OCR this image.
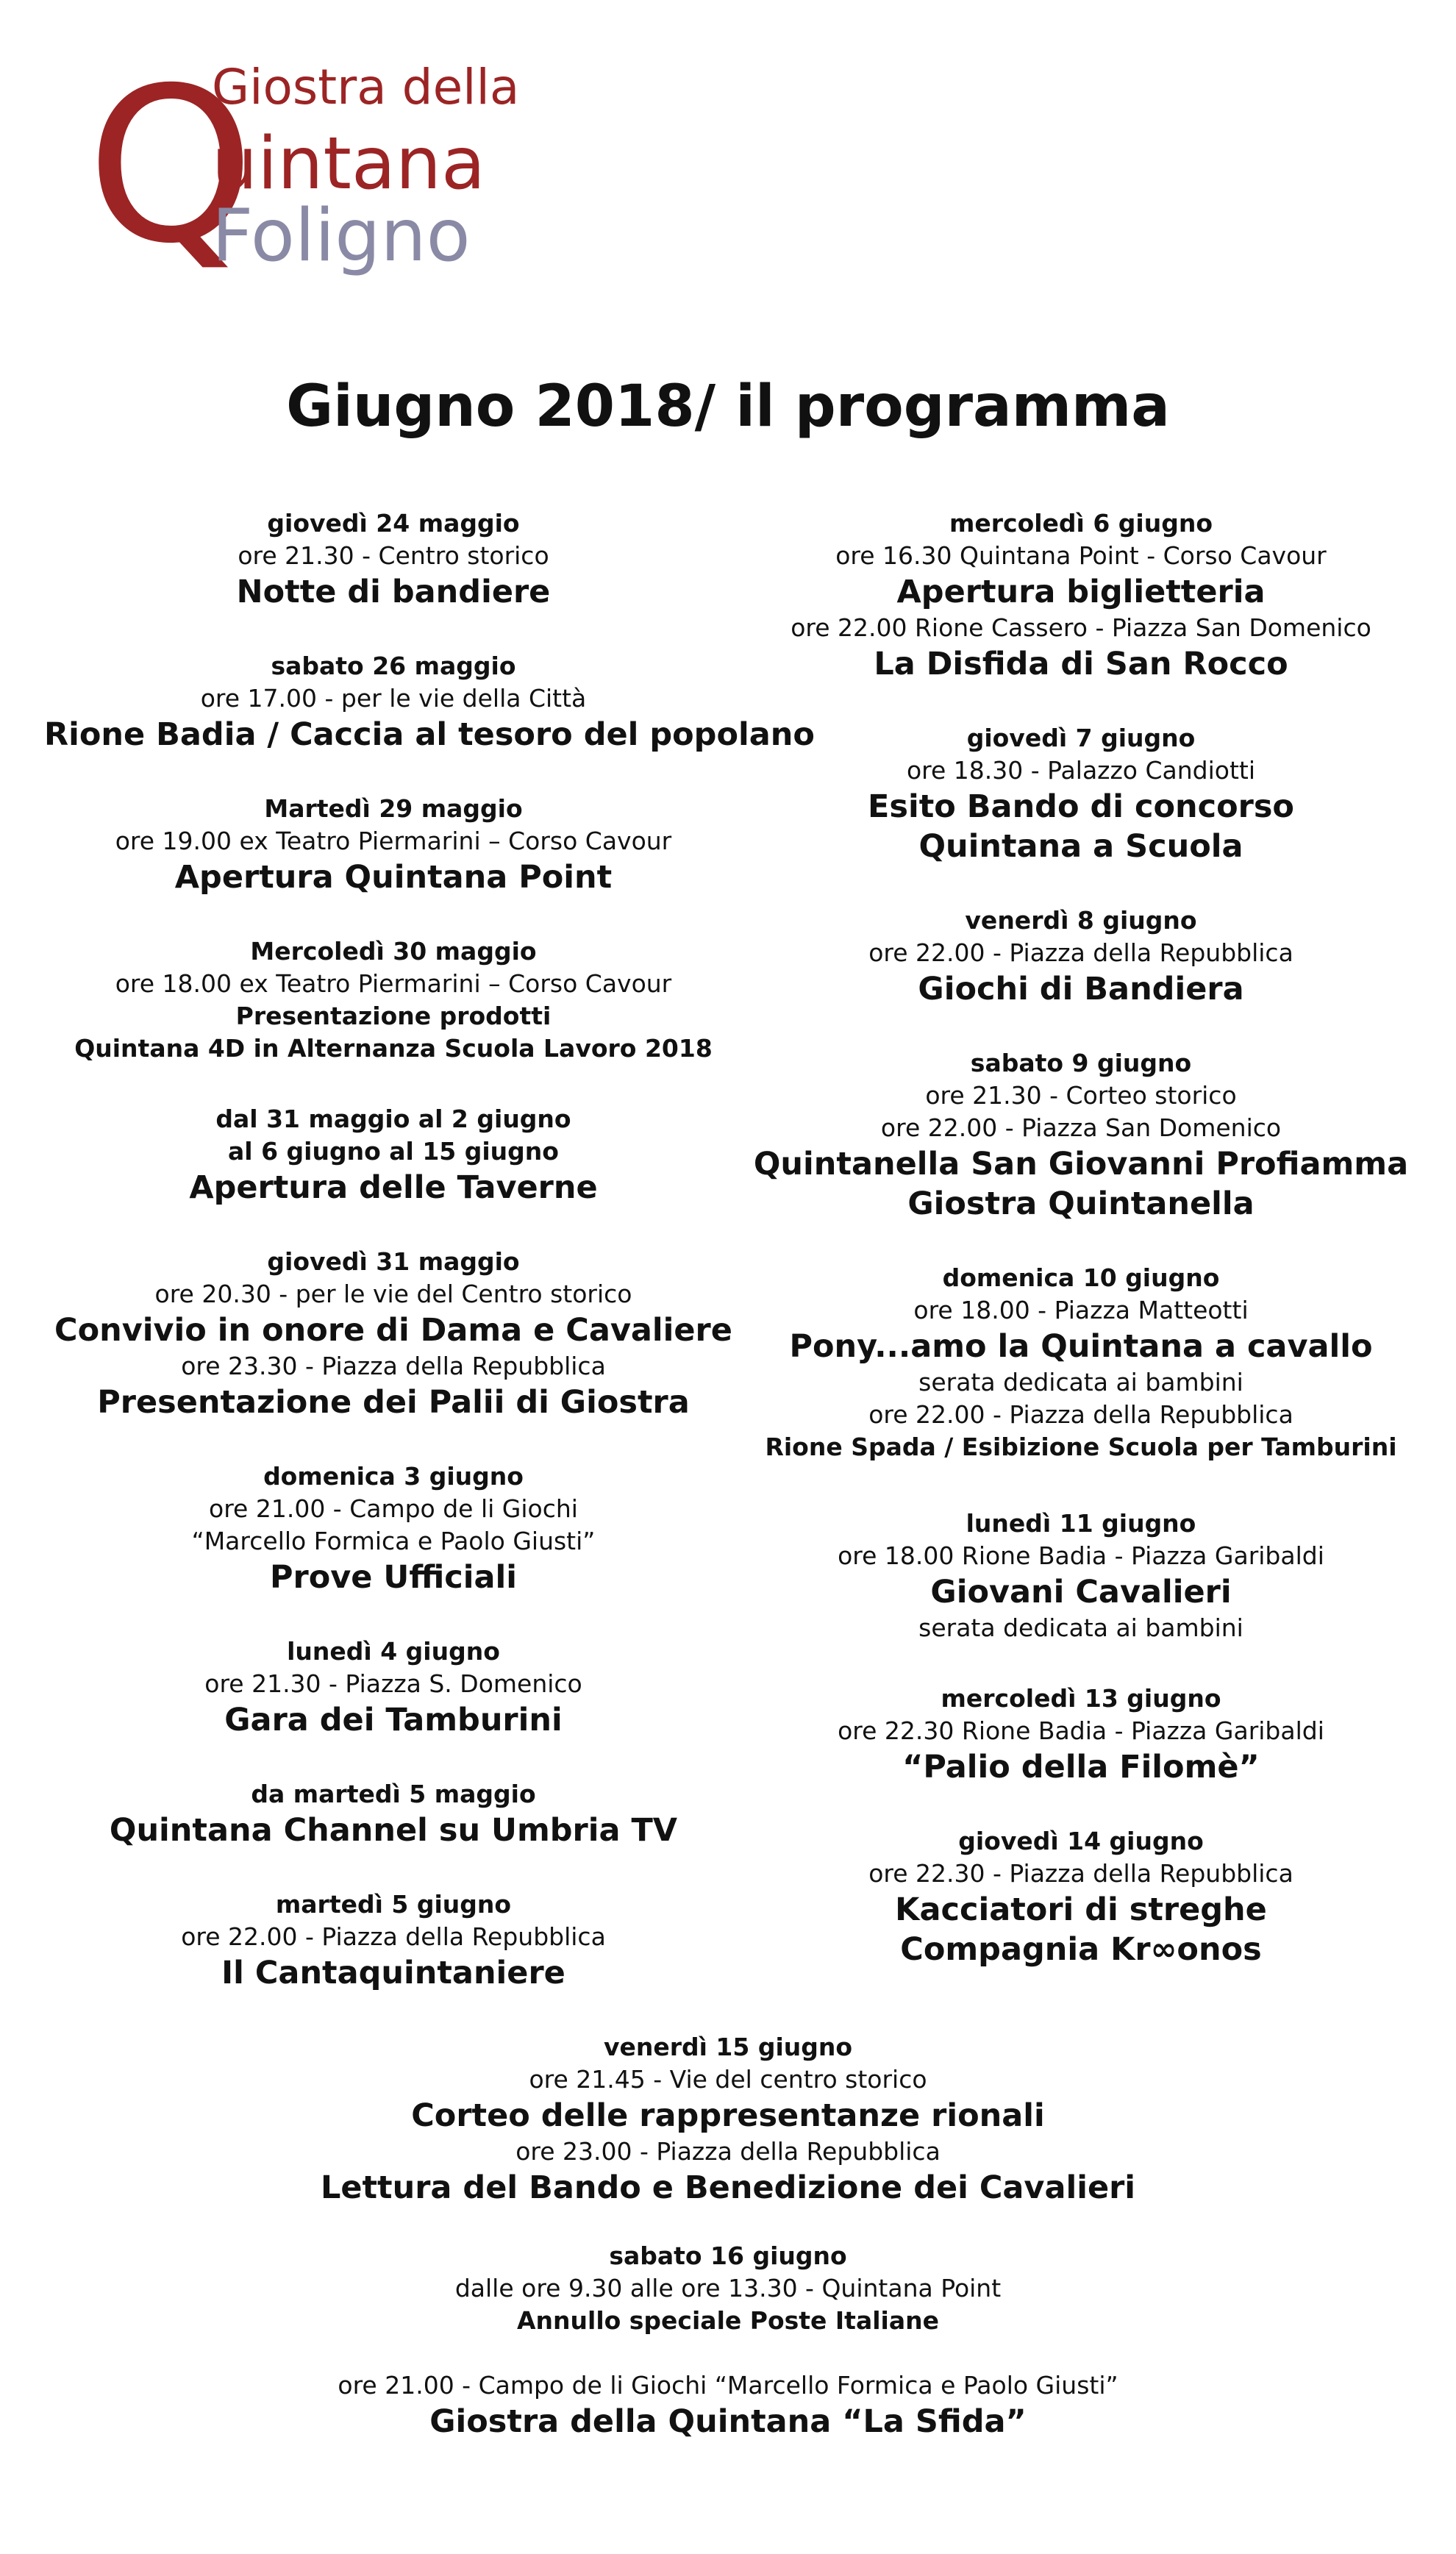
Q
Giostra della
uintana
Foligno
Giugno 2018/ il programma
giovedì 24 maggio
ore 21.30 - Centro storico
Notte di bandiere
sabato 26 maggio
ore 17.00 - per le vie della Città
Rione Badia / Caccia al tesoro del popolano
Martedì 29 maggio
ore 19.00 ex Teatro Piermarini – Corso Cavour
Apertura Quintana Point
Mercoledì 30 maggio
ore 18.00 ex Teatro Piermarini – Corso Cavour
Presentazione prodotti
Quintana 4D in Alternanza Scuola Lavoro 2018
dal 31 maggio al 2 giugno
al 6 giugno al 15 giugno
Apertura delle Taverne
giovedì 31 maggio
ore 20.30 - per le vie del Centro storico
Convivio in onore di Dama e Cavaliere
ore 23.30 - Piazza della Repubblica
Presentazione dei Palii di Giostra
domenica 3 giugno
ore 21.00 - Campo de li Giochi
“Marcello Formica e Paolo Giusti”
Prove Ufficiali
lunedì 4 giugno
ore 21.30 - Piazza S. Domenico
Gara dei Tamburini
da martedì 5 maggio
Quintana Channel su Umbria TV
martedì 5 giugno
ore 22.00 - Piazza della Repubblica
Il Cantaquintaniere
mercoledì 6 giugno
ore 16.30 Quintana Point - Corso Cavour
Apertura biglietteria
ore 22.00 Rione Cassero - Piazza San Domenico
La Disfida di San Rocco
giovedì 7 giugno
ore 18.30 - Palazzo Candiotti
Esito Bando di concorso
Quintana a Scuola
venerdì 8 giugno
ore 22.00 - Piazza della Repubblica
Giochi di Bandiera
sabato 9 giugno
ore 21.30 - Corteo storico
ore 22.00 - Piazza San Domenico
Quintanella San Giovanni Profiamma
Giostra Quintanella
domenica 10 giugno
ore 18.00 - Piazza Matteotti
Pony...amo la Quintana a cavallo
serata dedicata ai bambini
ore 22.00 - Piazza della Repubblica
Rione Spada / Esibizione Scuola per Tamburini
lunedì 11 giugno
ore 18.00 Rione Badia - Piazza Garibaldi
Giovani Cavalieri
serata dedicata ai bambini
mercoledì 13 giugno
ore 22.30 Rione Badia - Piazza Garibaldi
“Palio della Filomè”
giovedì 14 giugno
ore 22.30 - Piazza della Repubblica
Kacciatori di streghe
Compagnia Kr∞onos
venerdì 15 giugno
ore 21.45 - Vie del centro storico
Corteo delle rappresentanze rionali
ore 23.00 - Piazza della Repubblica
Lettura del Bando e Benedizione dei Cavalieri
sabato 16 giugno
dalle ore 9.30 alle ore 13.30 - Quintana Point
Annullo speciale Poste Italiane
ore 21.00 - Campo de li Giochi “Marcello Formica e Paolo Giusti”
Giostra della Quintana “La Sfida”
